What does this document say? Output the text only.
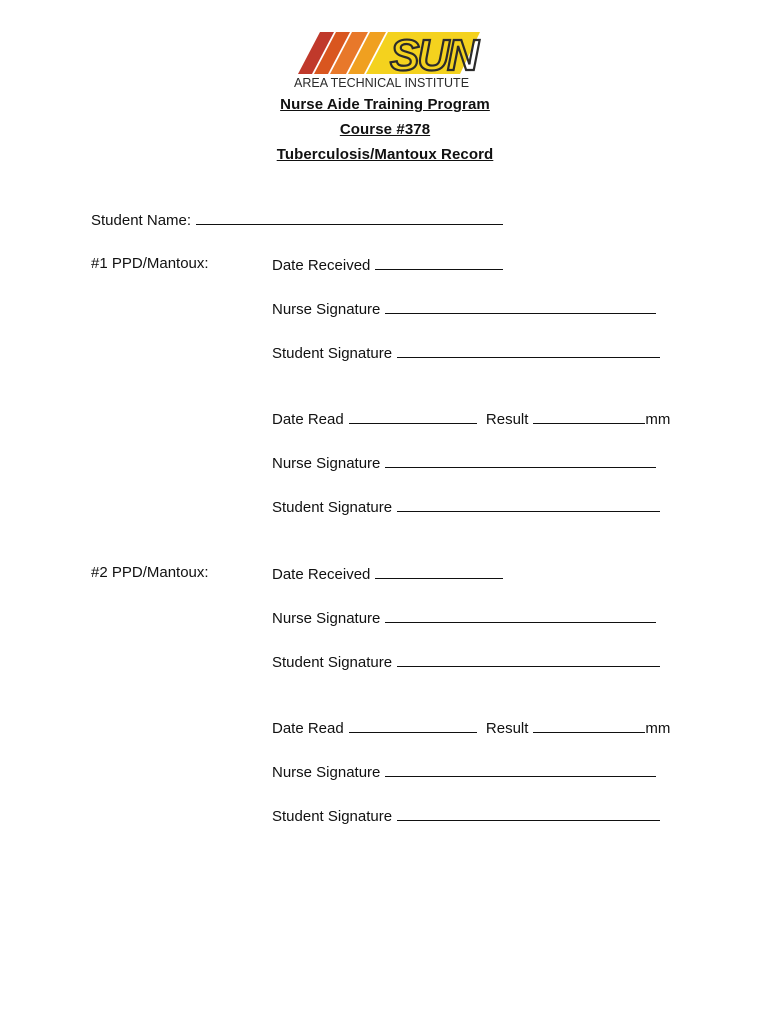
SUN
AREA TECHNICAL INSTITUTE
Nurse Aide Training Program
Course #378
Tuberculosis/Mantoux Record
Student Name:
#1 PPD/Mantoux:	Date Received
Nurse Signature
Student Signature
Date Read	Result	mm
Nurse Signature
Student Signature
#2 PPD/Mantoux:	Date Received
Nurse Signature
Student Signature
Date Read	Result	mm
Nurse Signature
Student Signature
